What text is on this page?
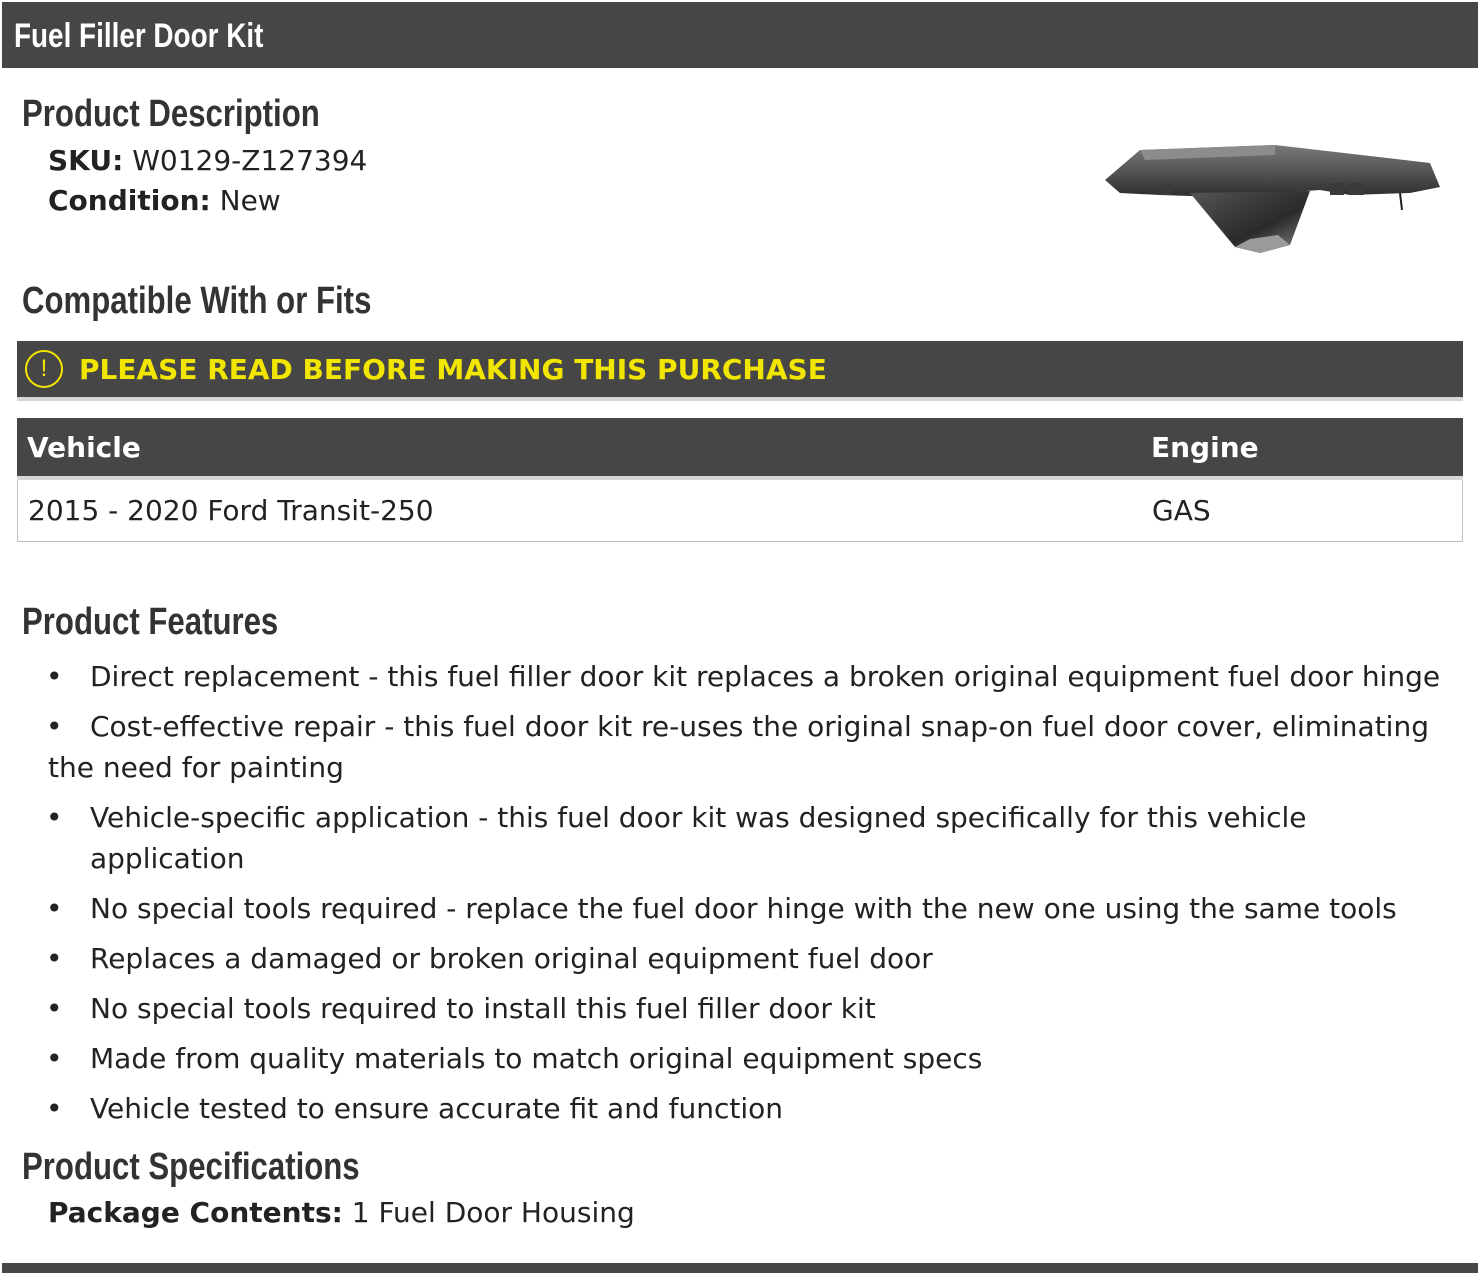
Fuel Filler Door Kit
Product Description
SKU: W0129-Z127394
Condition: New
Compatible With or Fits
!	PLEASE READ BEFORE MAKING THIS PURCHASE
Vehicle	Engine
2015 - 2020 Ford Transit-250	GAS
Product Features
• Direct replacement - this fuel filler door kit replaces a broken original equipment fuel door hinge
• Cost-effective repair - this fuel door kit re-uses the original snap-on fuel door cover, eliminating the need for painting
• Vehicle-specific application - this fuel door kit was designed specifically for this vehicle application
• No special tools required - replace the fuel door hinge with the new one using the same tools
• Replaces a damaged or broken original equipment fuel door
• No special tools required to install this fuel filler door kit
• Made from quality materials to match original equipment specs
• Vehicle tested to ensure accurate fit and function
Product Specifications
Package Contents: 1 Fuel Door Housing
